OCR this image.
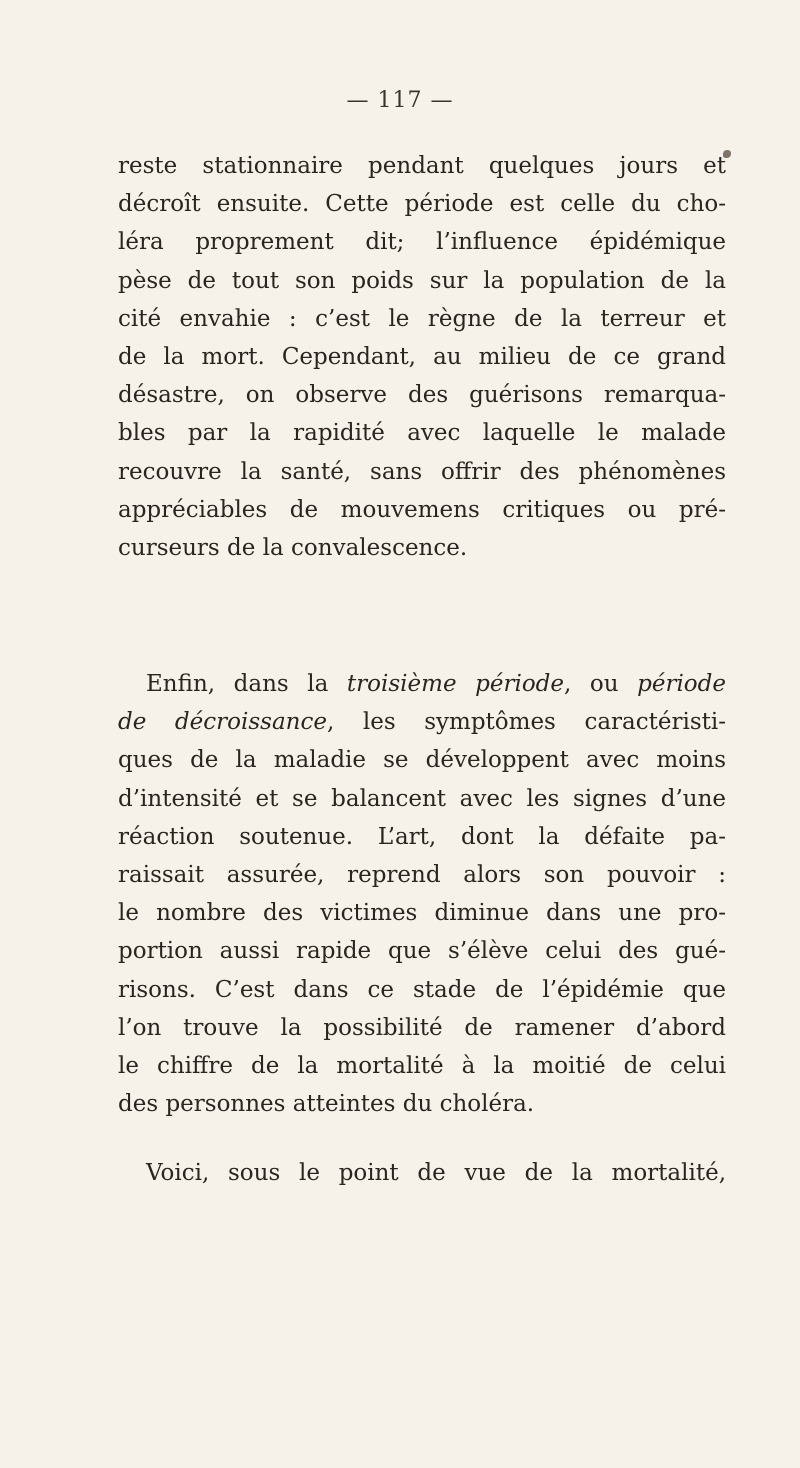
— 117 —
reste stationnaire pendant quelques jours et
décroît ensuite. Cette période est celle du cho-
léra proprement dit; l’influence épidémique
pèse de tout son poids sur la population de la
cité envahie : c’est le règne de la terreur et
de la mort. Cependant, au milieu de ce grand
désastre, on observe des guérisons remarqua-
bles par la rapidité avec laquelle le malade
recouvre la santé, sans offrir des phénomènes
appréciables de mouvemens critiques ou pré-
curseurs de la convalescence.
Enfin, dans la troisième période, ou période
de décroissance, les symptômes caractéristi-
ques de la maladie se développent avec moins
d’intensité et se balancent avec les signes d’une
réaction soutenue. L’art, dont la défaite pa-
raissait assurée, reprend alors son pouvoir :
le nombre des victimes diminue dans une pro-
portion aussi rapide que s’élève celui des gué-
risons. C’est dans ce stade de l’épidémie que
l’on trouve la possibilité de ramener d’abord
le chiffre de la mortalité à la moitié de celui
des personnes atteintes du choléra.
Voici, sous le point de vue de la mortalité,
